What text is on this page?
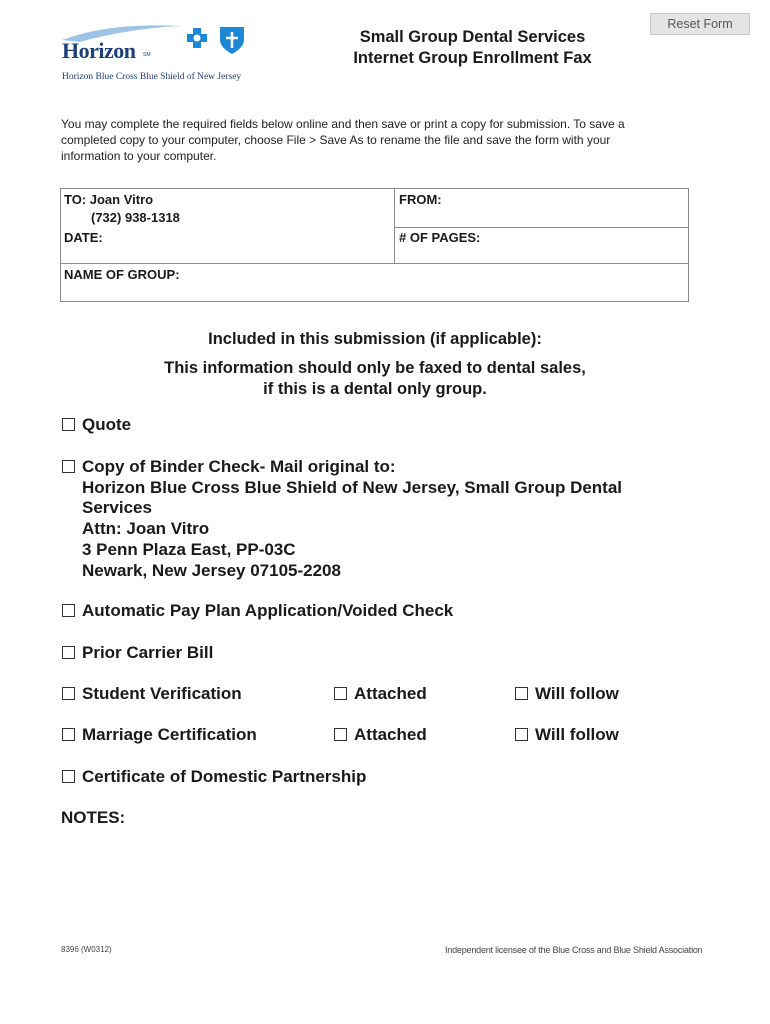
Horizon SM
Horizon Blue Cross Blue Shield of New Jersey
Small Group Dental Services
Internet Group Enrollment Fax
Reset Form
You may complete the required fields below online and then save or print a copy for submission. To save a completed copy to your computer, choose File > Save As to rename the file and save the form with your information to your computer.
TO: Joan Vitro
(732) 938-1318
DATE:
FROM:
# OF PAGES:
NAME OF GROUP:
Included in this submission (if applicable):
This information should only be faxed to dental sales,
if this is a dental only group.
Quote
Copy of Binder Check- Mail original to:
Horizon Blue Cross Blue Shield of New Jersey, Small Group Dental
Services
Attn: Joan Vitro
3 Penn Plaza East, PP-03C
Newark, New Jersey 07105-2208
Automatic Pay Plan Application/Voided Check
Prior Carrier Bill
Student Verification	Attached	Will follow
Marriage Certification	Attached	Will follow
Certificate of Domestic Partnership
NOTES:
8396 (W0312)	Independent licensee of the Blue Cross and Blue Shield Association
